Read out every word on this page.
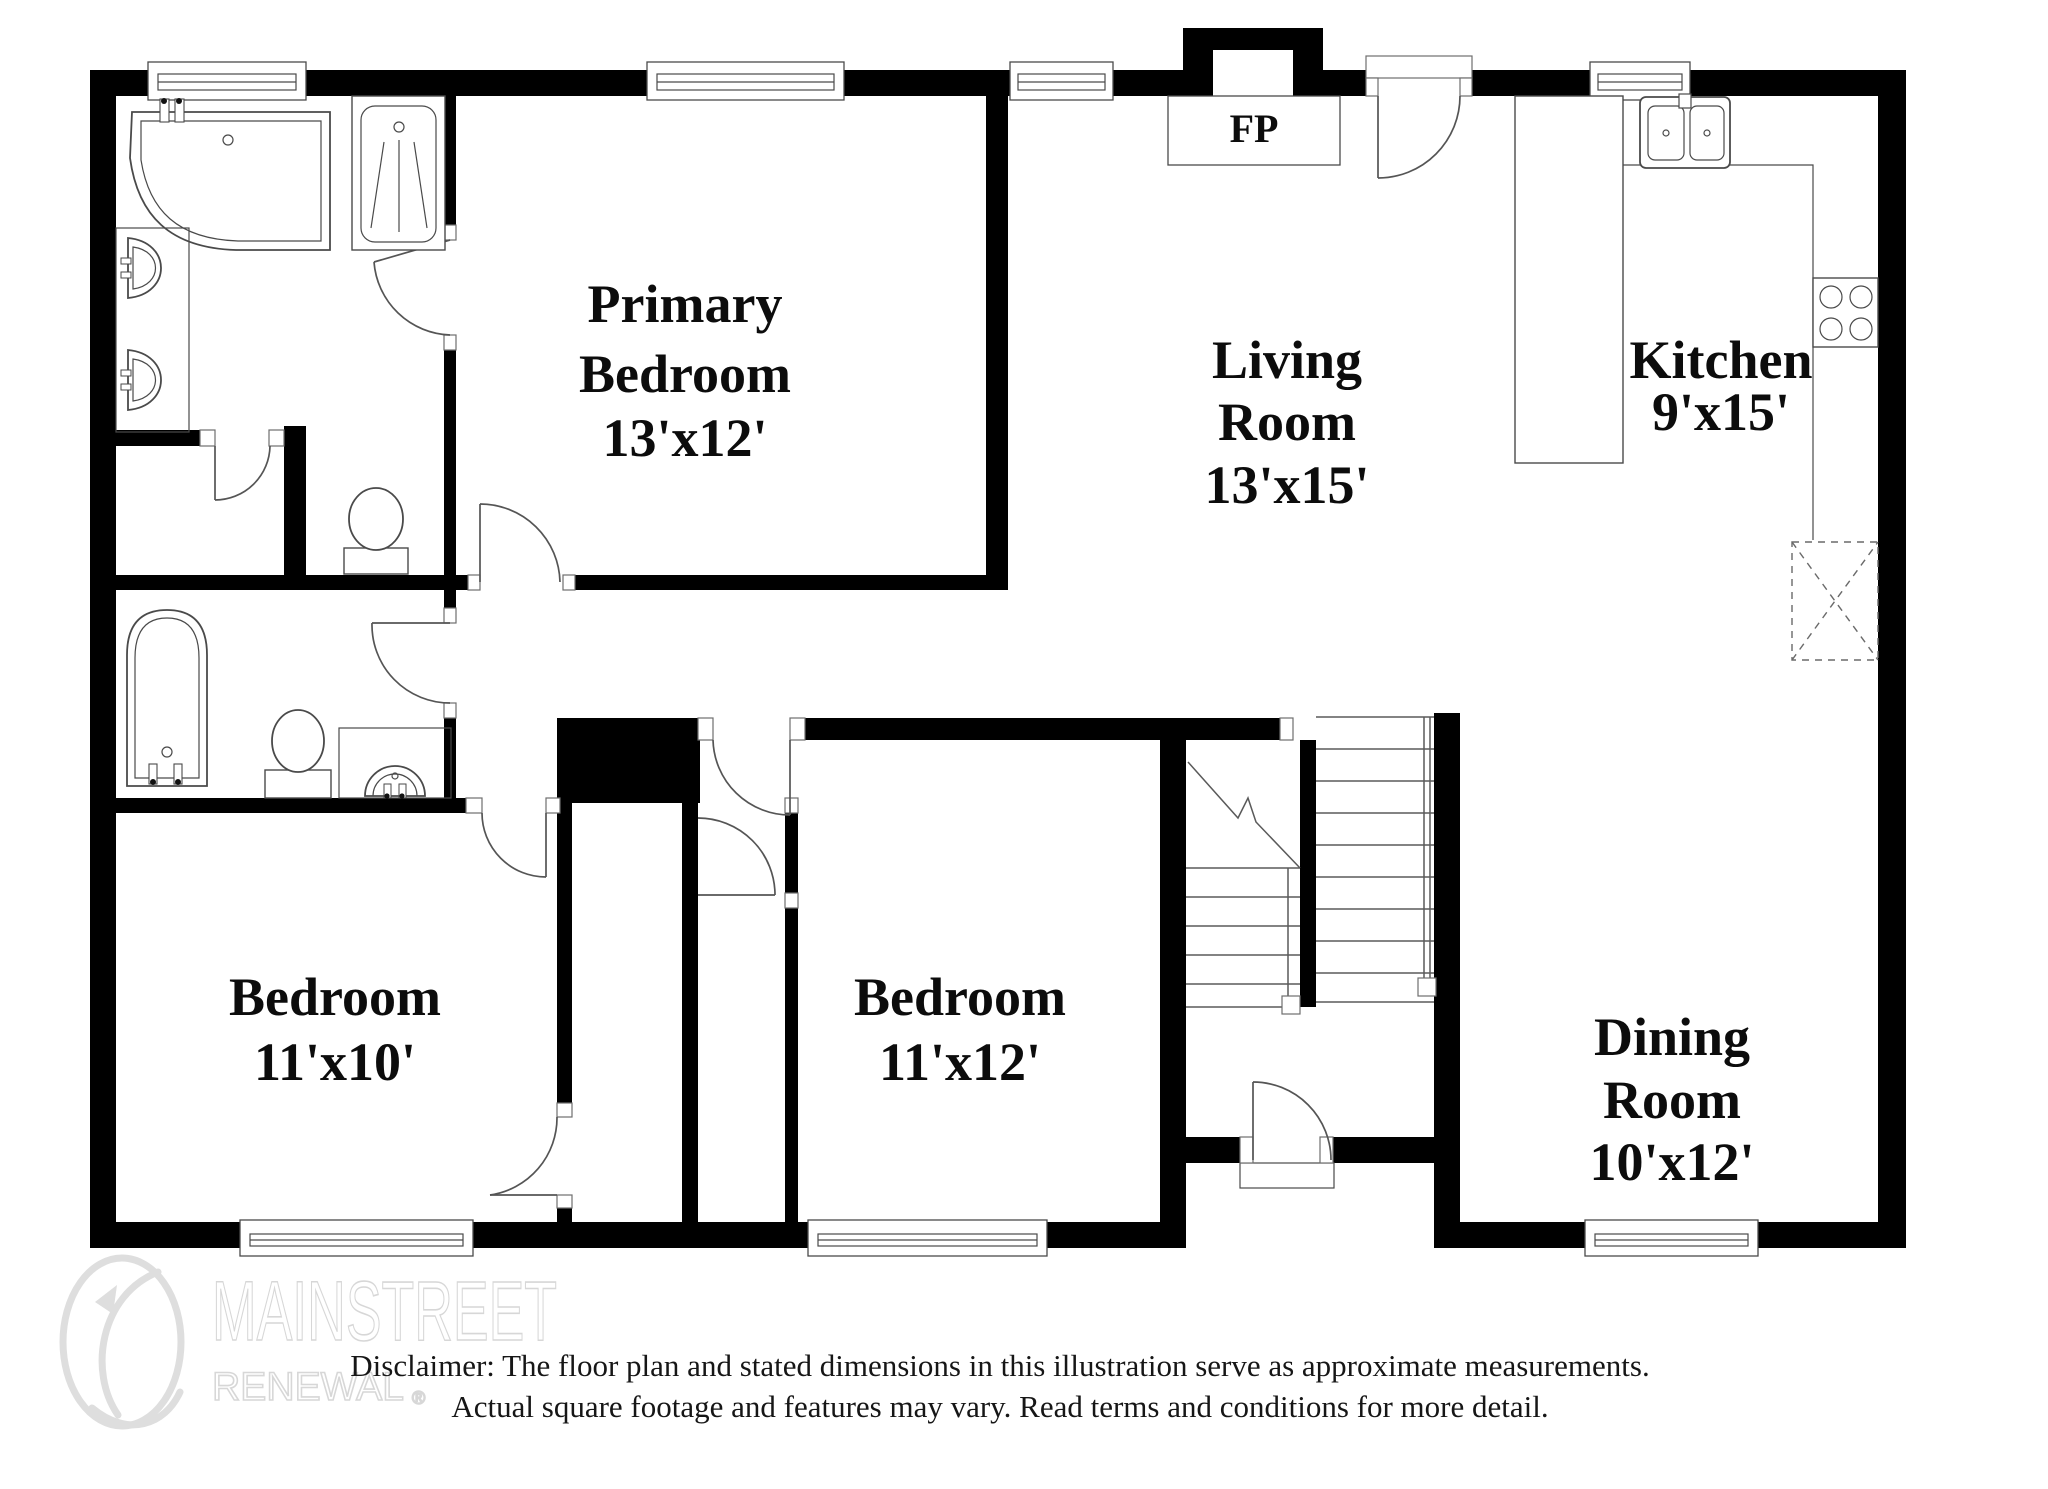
FP
Primary
Bedroom
13'x12'
Living
Room
13'x15'
Kitchen
9'x15'
Bedroom
11'x10'
Bedroom
11'x12'	Dining
Room
10'x12'
MAINSTREET
RENEWAL ®
Disclaimer: The floor plan and stated dimensions in this illustration serve as approximate measurements.
Actual square footage and features may vary. Read terms and conditions for more detail.
